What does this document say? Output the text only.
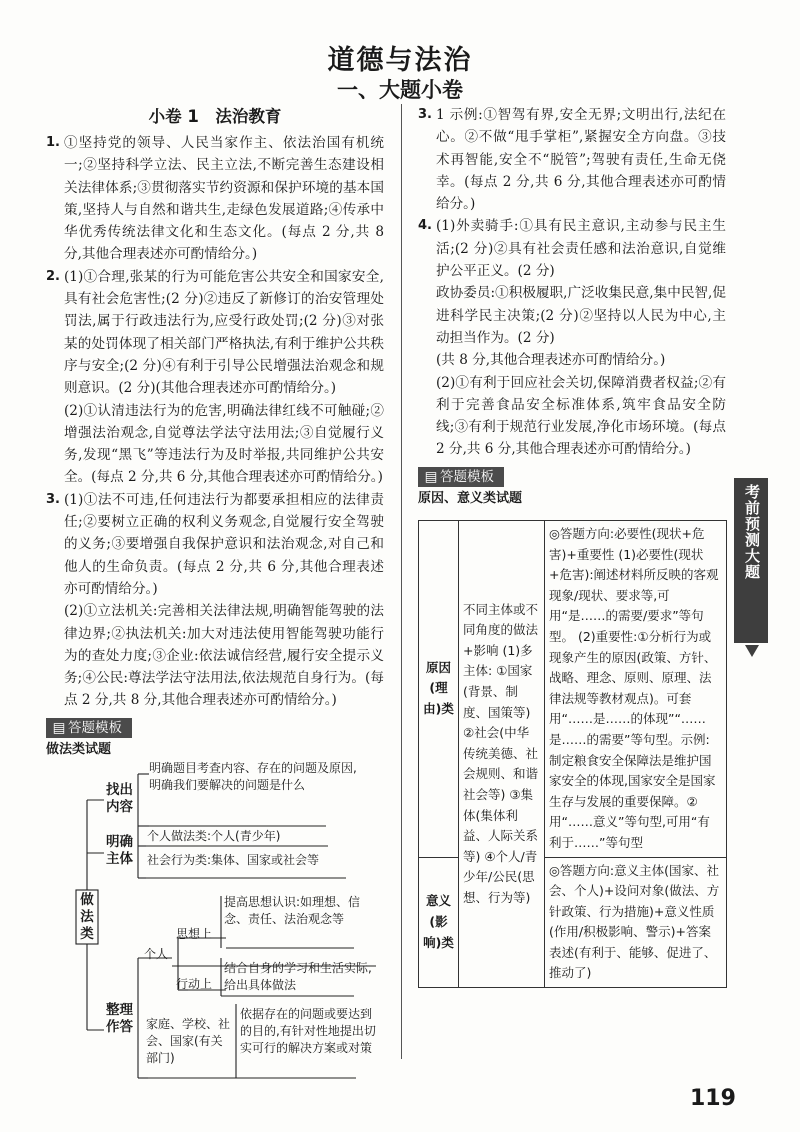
道德与法治
一、大题小卷
小卷 1　法治教育
1. ①坚持党的领导、人民当家作主、依法治国有机统一;②坚持科学立法、民主立法,不断完善生态建设相关法律体系;③贯彻落实节约资源和保护环境的基本国策,坚持人与自然和谐共生,走绿色发展道路;④传承中华优秀传统法律文化和生态文化。(每点 2 分,共 8 分,其他合理表述亦可酌情给分。)

2. (1)①合理,张某的行为可能危害公共安全和国家安全,具有社会危害性;(2 分)②违反了新修订的治安管理处罚法,属于行政违法行为,应受行政处罚;(2 分)③对张某的处罚体现了相关部门严格执法,有利于维护公共秩序与安全;(2 分)④有利于引导公民增强法治观念和规则意识。(2 分)(其他合理表述亦可酌情给分。)

(2)①认清违法行为的危害,明确法律红线不可触碰;②增强法治观念,自觉尊法学法守法用法;③自觉履行义务,发现“黑飞”等违法行为及时举报,共同维护公共安全。(每点 2 分,共 6 分,其他合理表述亦可酌情给分。)

3. (1)①法不可违,任何违法行为都要承担相应的法律责任;②要树立正确的权利义务观念,自觉履行安全驾驶的义务;③要增强自我保护意识和法治观念,对自己和他人的生命负责。(每点 2 分,共 6 分,其他合理表述亦可酌情给分。)

(2)①立法机关:完善相关法律法规,明确智能驾驶的法律边界;②执法机关:加大对违法使用智能驾驶功能行为的查处力度;③企业:依法诚信经营,履行安全提示义务;④公民:尊法学法守法用法,依法规范自身行为。(每点 2 分,共 8 分,其他合理表述亦可酌情给分。)

▤ 答题模板
做法类试题
做法类
找出内容
明确题目考查内容、存在的问题及原因,明确我们要解决的问题是什么
明确主体
个人做法类:个人(青少年)
社会行为类:集体、国家或社会等
整理作答
个人
思想上
提高思想认识:如理想、信念、责任、法治观念等
行动上
结合自身的学习和生活实际,给出具体做法
家庭、学校、社会、国家(有关部门)
依据存在的问题或要达到的目的,有针对性地提出切实可行的解决方案或对策
3. 1 示例:①智驾有界,安全无界;文明出行,法纪在心。②不做“甩手掌柜”,紧握安全方向盘。③技术再智能,安全不“脱管”;驾驶有责任,生命无侥幸。(每点 2 分,共 6 分,其他合理表述亦可酌情给分。)

4. (1)外卖骑手:①具有民主意识,主动参与民主生活;(2 分)②具有社会责任感和法治意识,自觉维护公平正义。(2 分)

政协委员:①积极履职,广泛收集民意,集中民智,促进科学民主决策;(2 分)②坚持以人民为中心,主动担当作为。(2 分)

(共 8 分,其他合理表述亦可酌情给分。)

(2)①有利于回应社会关切,保障消费者权益;②有利于完善食品安全标准体系,筑牢食品安全防线;③有利于规范行业发展,净化市场环境。(每点 2 分,共 6 分,其他合理表述亦可酌情给分。)

▤ 答题模板
原因、意义类试题
原因(理由)类	不同主体或不同角度的做法+影响 (1)多主体: ①国家(背景、制度、国策等) ②社会(中华传统美德、社会规则、和谐社会等) ③集体(集体利益、人际关系等) ④个人/青少年/公民(思想、行为等)	◎答题方向:必要性(现状+危害)+重要性 (1)必要性(现状+危害):阐述材料所反映的客观现象/现状、要求等,可用“是……的需要/要求”等句型。 (2)重要性:①分析行为或现象产生的原因(政策、方针、战略、理念、原则、原理、法律法规等教材观点)。可套用“……是……的体现”“……是……的需要”等句型。示例:制定粮食安全保障法是维护国家安全的体现,国家安全是国家生存与发展的重要保障。②用“……意义”等句型,可用“有利于……”等句型
意义(影响)类		◎答题方向:意义主体(国家、社会、个人)+设问对象(做法、方针政策、行为措施)+意义性质(作用/积极影响、警示)+答案表述(有利于、能够、促进了、推动了)
考前预测大题
119
